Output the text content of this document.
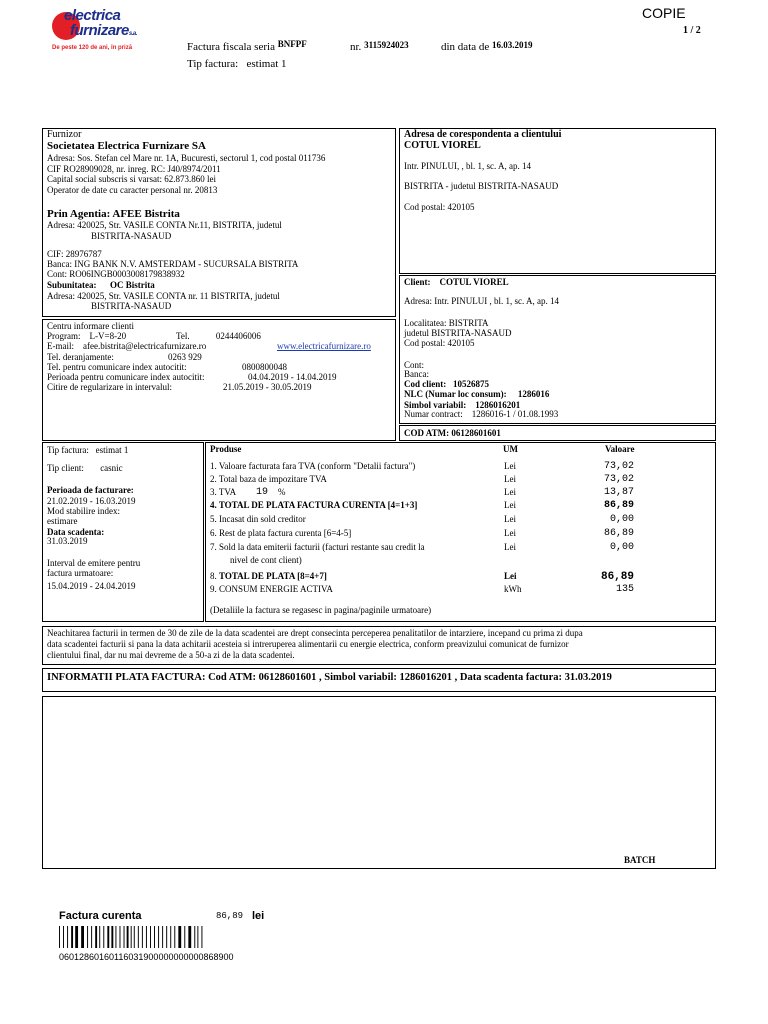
electrica
furnizares.a.
De peste 120 de ani, în priză
COPIE
1 / 2
Factura fiscala seria $^{BNFPF}$	nr. 3115924023	din data de 16.03.2019
Tip factura: estimat 1
Furnizor
Societatea Electrica Furnizare SA
Adresa: Sos. Stefan cel Mare nr. 1A, Bucuresti, sectorul 1, cod postal 011736
CIF RO28909028, nr. inreg. RC: J40/8974/2011
Capital social subscris si varsat: 62.873.860 lei
Operator de date cu caracter personal nr. 20813
Prin Agentia: AFEE Bistrita
Adresa: 420025, Str. VASILE CONTA Nr.11, BISTRITA, judetul
BISTRITA-NASAUD
CIF: 28976787
Banca: ING BANK N.V. AMSTERDAM - SUCURSALA BISTRITA
Cont: RO06INGB0003008179838932
Subunitatea: OC Bistrita
Adresa: 420025, Str. VASILE CONTA nr. 11 BISTRITA, judetul
BISTRITA-NASAUD
Centru informare clienti
Program: L-V=8-20	Tel.	0244406006
E-mail: afee.bistrita@electricafurnizare.ro	www.electricafurnizare.ro
Tel. deranjamente:	0263 929
Tel. pentru comunicare index autocitit:	0800800048
Perioada pentru comunicare index autocitit:	04.04.2019 - 14.04.2019
Citire de regularizare in intervalul:	21.05.2019 - 30.05.2019
Adresa de corespondenta a clientului
COTUL VIOREL
Intr. PINULUI, , bl. 1, sc. A, ap. 14
BISTRITA - judetul BISTRITA-NASAUD
Cod postal: 420105
Client: COTUL VIOREL
Adresa: Intr. PINULUI , bl. 1, sc. A, ap. 14
Localitatea: BISTRITA
judetul BISTRITA-NASAUD
Cod postal: 420105
Cont:
Banca:
Cod client: 10526875
NLC (Numar loc consum): 1286016
Simbol variabil: 1286016201
Numar contract: 1286016-1 / 01.08.1993
COD ATM: 06128601601
Tip factura: estimat 1
Tip client: casnic
Perioada de facturare:
21.02.2019 - 16.03.2019
Mod stabilire index:
estimare
Data scadenta:
31.03.2019
Interval de emitere pentru
factura urmatoare:
15.04.2019 - 24.04.2019
Produse	UM	Valoare
1. Valoare facturata fara TVA (conform "Detalii factura")	Lei	73,02
2. Total baza de impozitare TVA	Lei	73,02
3. TVA 19 %	Lei	13,87
4. TOTAL DE PLATA FACTURA CURENTA [4=1+3]	Lei	86,89
5. Incasat din sold creditor	Lei	0,00
6. Rest de plata factura curenta [6=4-5]	Lei	86,89
7. Sold la data emiterii facturii (facturi restante sau credit la
nivel de cont client)
Lei	0,00
8. TOTAL DE PLATA [8=4+7]	Lei	86,89
9. CONSUM ENERGIE ACTIVA	kWh	135
(Detaliile la factura se regasesc in pagina/paginile urmatoare)
Neachitarea facturii in termen de 30 de zile de la data scadentei are drept consecinta perceperea penalitatilor de intarziere, incepand cu prima zi dupa
data scadentei facturii si pana la data achitarii acesteia si intreruperea alimentarii cu energie electrica, conform preavizului comunicat de furnizor
clientului final, dar nu mai devreme de a 50-a zi de la data scadentei.
INFORMATII PLATA FACTURA: Cod ATM: 06128601601 , Simbol variabil: 1286016201 , Data scadenta factura: 31.03.2019
BATCH
Factura curenta	86,89 lei
06012860160116031900000000000868900
